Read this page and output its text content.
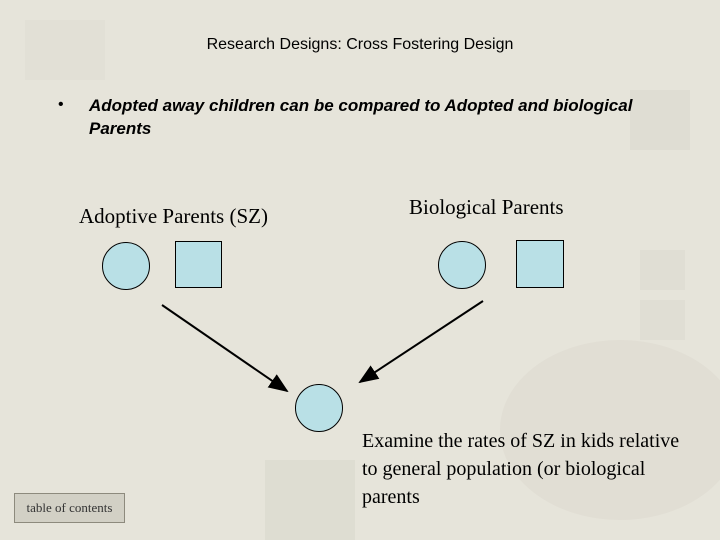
Research Designs: Cross Fostering Design
• Adopted away children can be compared to Adopted and biological Parents
Adoptive Parents (SZ)	Biological Parents
Examine the rates of SZ in kids relative to general population (or biological parents
table of contents
